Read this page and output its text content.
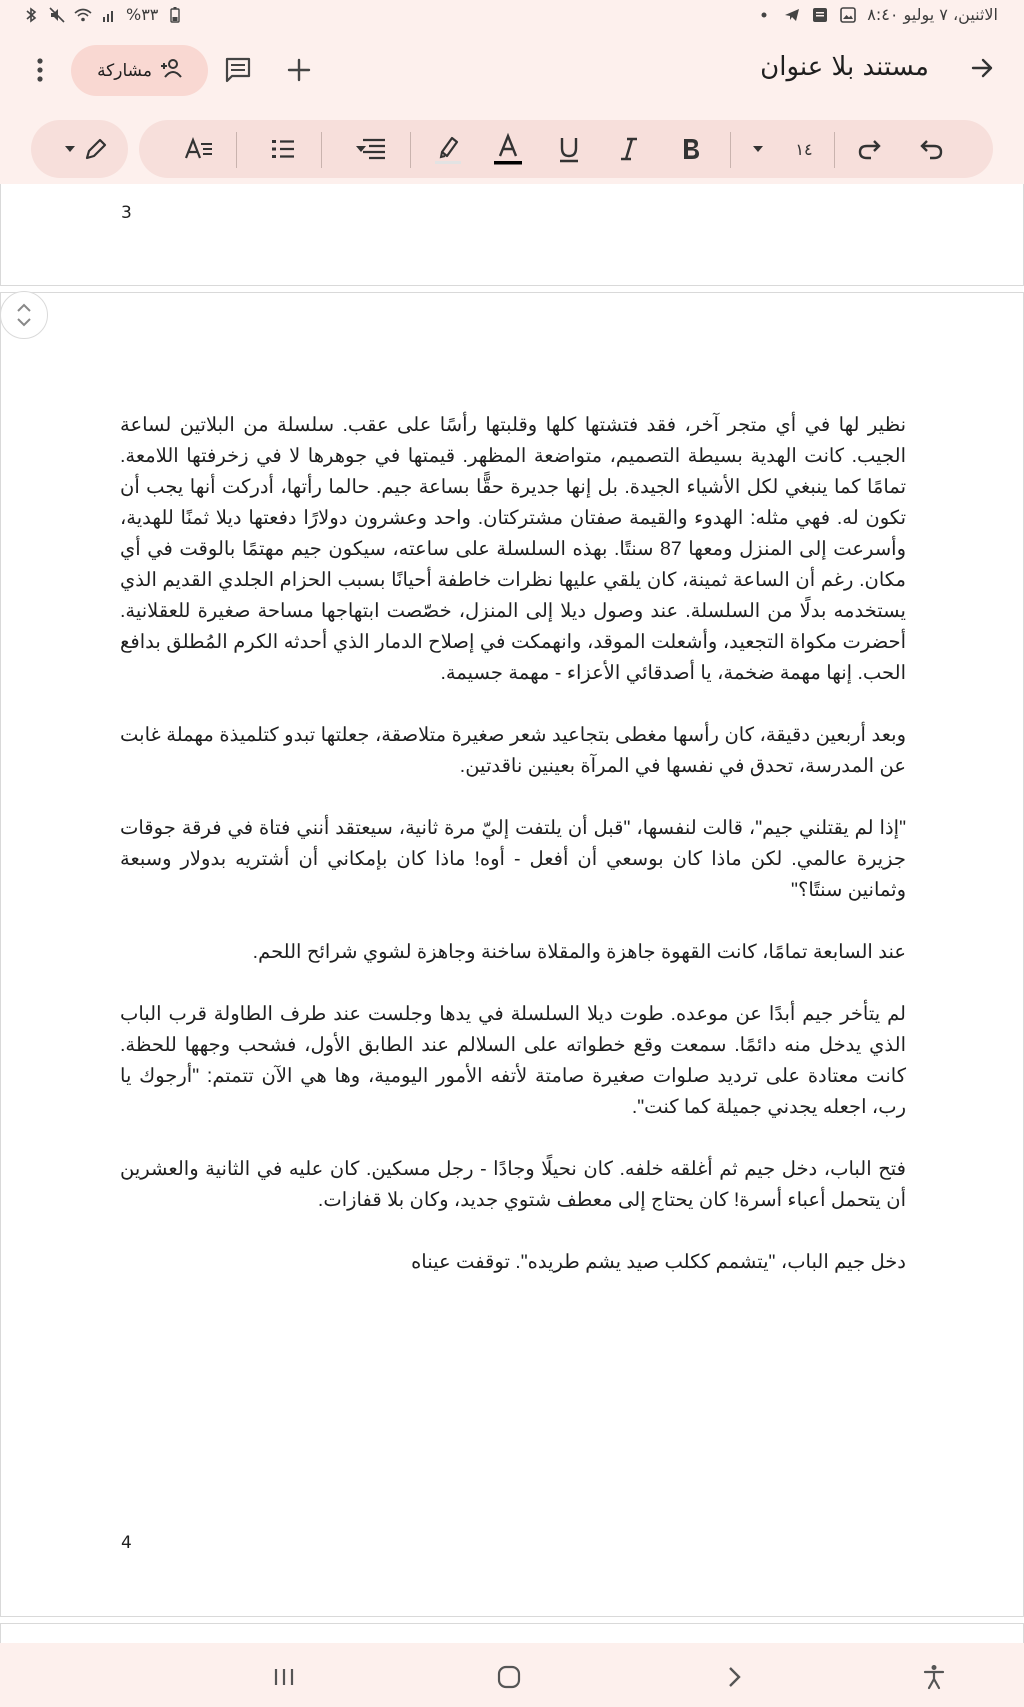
الاثنين، ٧ يوليو ٨:٤٠
%٣٣
مستند بلا عنوان
مشاركة
١٤
3
4

نظير لها في أي متجر آخر، فقد فتشتها كلها وقلبتها رأسًا على عقب. سلسلة من البلاتين لساعة الجيب. كانت الهدية بسيطة التصميم، متواضعة المظهر. قيمتها في جوهرها لا في زخرفتها اللامعة. تمامًا كما ينبغي لكل الأشياء الجيدة. بل إنها جديرة حقًّا بساعة جيم. حالما رأتها، أدركت أنها يجب أن تكون له. فهي مثله: الهدوء والقيمة صفتان مشتركتان. واحد وعشرون دولارًا دفعتها ديلا ثمنًا للهدية، وأسرعت إلى المنزل ومعها 87 سنتًا. بهذه السلسلة على ساعته، سيكون جيم مهتمًا بالوقت في أي مكان. رغم أن الساعة ثمينة، كان يلقي عليها نظرات خاطفة أحيانًا بسبب الحزام الجلدي القديم الذي يستخدمه بدلًا من السلسلة. عند وصول ديلا إلى المنزل، خصّصت ابتهاجها مساحة صغيرة للعقلانية. أحضرت مكواة التجعيد، وأشعلت الموقد، وانهمكت في إصلاح الدمار الذي أحدثه الكرم المُطلق بدافع الحب. إنها مهمة ضخمة، يا أصدقائي الأعزاء - مهمة جسيمة.

وبعد أربعين دقيقة، كان رأسها مغطى بتجاعيد شعر صغيرة متلاصقة، جعلتها تبدو كتلميذة مهملة غابت عن المدرسة، تحدق في نفسها في المرآة بعينين ناقدتين.

"إذا لم يقتلني جيم"، قالت لنفسها، "قبل أن يلتفت إليّ مرة ثانية، سيعتقد أنني فتاة في فرقة جوقات جزيرة عالمي. لكن ماذا كان بوسعي أن أفعل - أوه! ماذا كان بإمكاني أن أشتريه بدولار وسبعة وثمانين سنتًا؟"

عند السابعة تمامًا، كانت القهوة جاهزة والمقلاة ساخنة وجاهزة لشوي شرائح اللحم.

لم يتأخر جيم أبدًا عن موعده. طوت ديلا السلسلة في يدها وجلست عند طرف الطاولة قرب الباب الذي يدخل منه دائمًا. سمعت وقع خطواته على السلالم عند الطابق الأول، فشحب وجهها للحظة. كانت معتادة على ترديد صلوات صغيرة صامتة لأتفه الأمور اليومية، وها هي الآن تتمتم: "أرجوك يا رب، اجعله يجدني جميلة كما كنت".

فتح الباب، دخل جيم ثم أغلقه خلفه. كان نحيلًا وجادًا - رجل مسكين. كان عليه في الثانية والعشرين أن يتحمل أعباء أسرة! كان يحتاج إلى معطف شتوي جديد، وكان بلا قفازات.

دخل جيم الباب، "يتشمم ككلب صيد يشم طريده". توقفت عيناه
